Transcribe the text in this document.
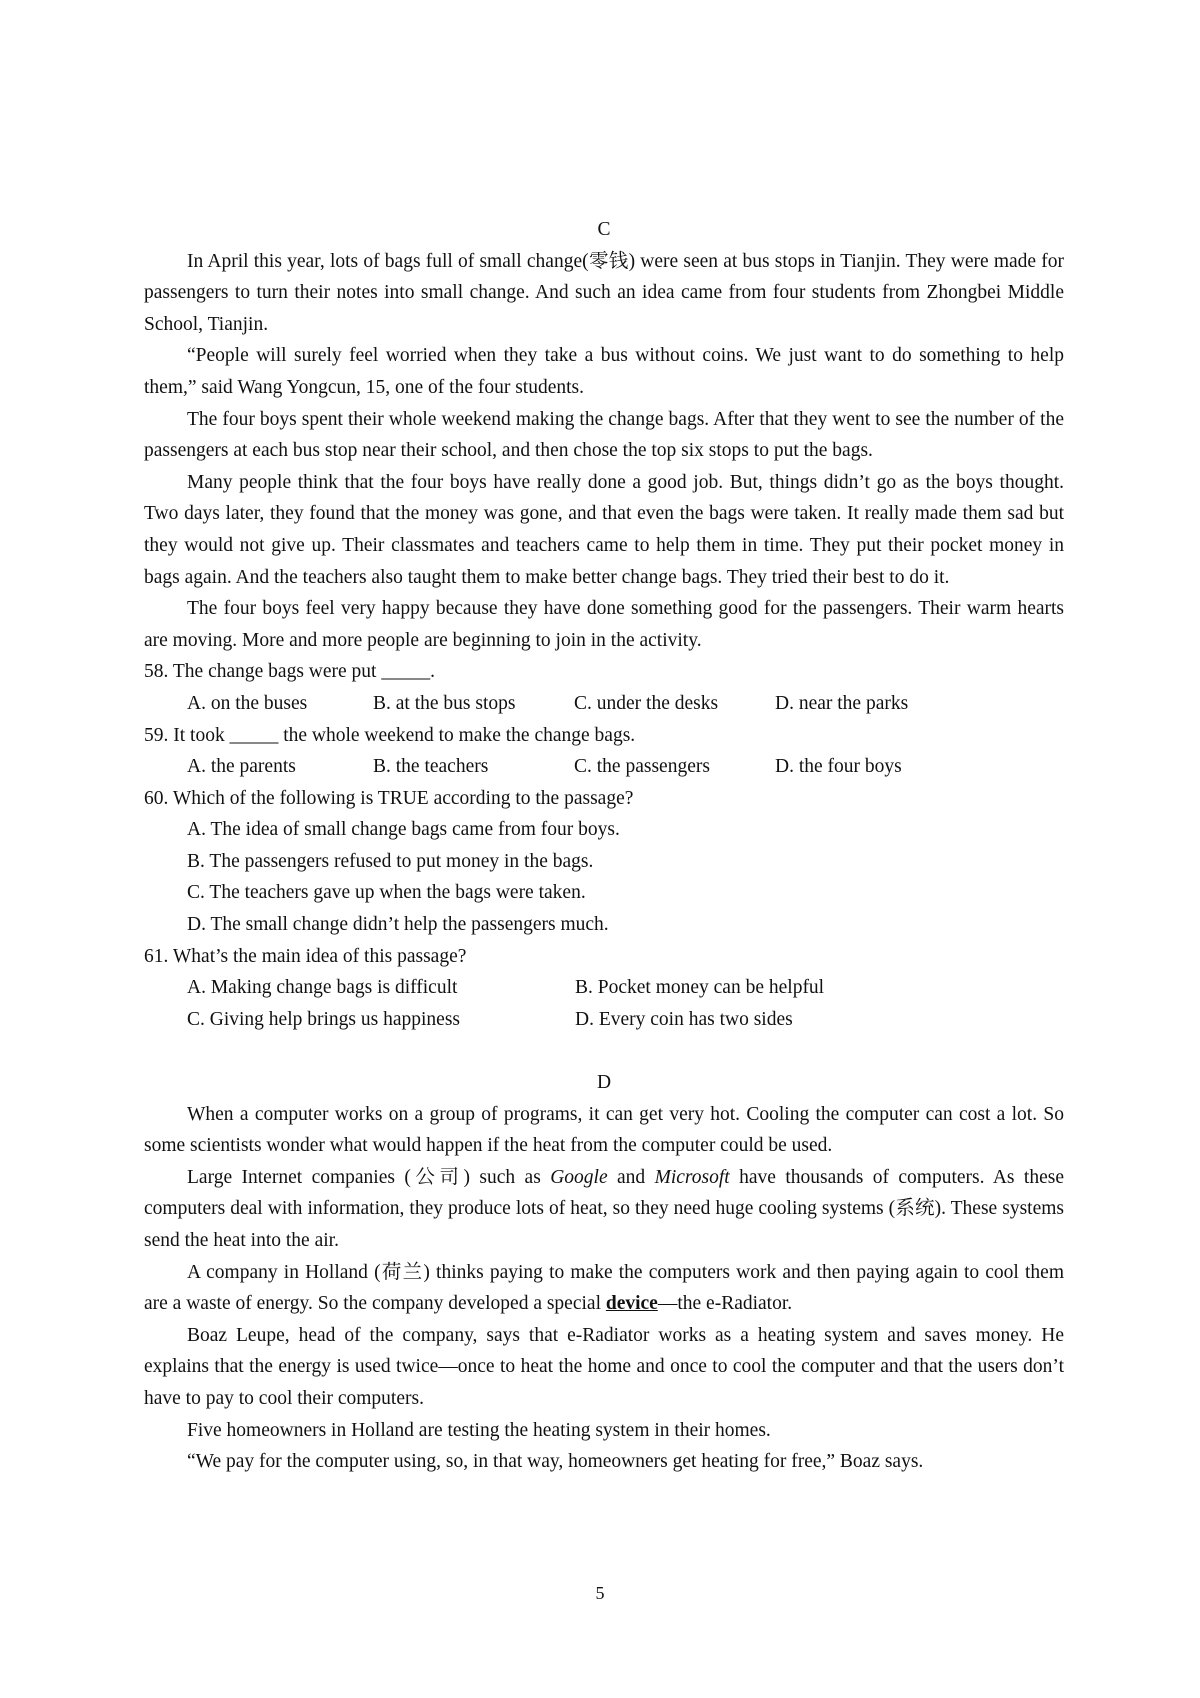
C

In April this year, lots of bags full of small change(零钱) were seen at bus stops in Tianjin. They were made for passengers to turn their notes into small change. And such an idea came from four students from Zhongbei Middle School, Tianjin.

“People will surely feel worried when they take a bus without coins. We just want to do something to help them,” said Wang Yongcun, 15, one of the four students.

The four boys spent their whole weekend making the change bags. After that they went to see the number of the passengers at each bus stop near their school, and then chose the top six stops to put the bags.

Many people think that the four boys have really done a good job. But, things didn’t go as the boys thought. Two days later, they found that the money was gone, and that even the bags were taken. It really made them sad but they would not give up. Their classmates and teachers came to help them in time. They put their pocket money in bags again. And the teachers also taught them to make better change bags. They tried their best to do it.

The four boys feel very happy because they have done something good for the passengers. Their warm hearts are moving. More and more people are beginning to join in the activity.

58. The change bags were put _____.

A. on the buses	B. at the bus stops	C. under the desks	D. near the parks

59. It took _____ the whole weekend to make the change bags.

A. the parents	B. the teachers	C. the passengers	D. the four boys

60. Which of the following is TRUE according to the passage?

A. The idea of small change bags came from four boys.

B. The passengers refused to put money in the bags.

C. The teachers gave up when the bags were taken.

D. The small change didn’t help the passengers much.

61. What’s the main idea of this passage?

A. Making change bags is difficult	B. Pocket money can be helpful
C. Giving help brings us happiness	D. Every coin has two sides
D

When a computer works on a group of programs, it can get very hot. Cooling the computer can cost a lot. So some scientists wonder what would happen if the heat from the computer could be used.

Large Internet companies (公司) such as Google and Microsoft have thousands of computers. As these computers deal with information, they produce lots of heat, so they need huge cooling systems (系统). These systems send the heat into the air.

A company in Holland (荷兰) thinks paying to make the computers work and then paying again to cool them are a waste of energy. So the company developed a special device—the e-Radiator.

Boaz Leupe, head of the company, says that e-Radiator works as a heating system and saves money. He explains that the energy is used twice—once to heat the home and once to cool the computer and that the users don’t have to pay to cool their computers.

Five homeowners in Holland are testing the heating system in their homes.

“We pay for the computer using, so, in that way, homeowners get heating for free,” Boaz says.

5
